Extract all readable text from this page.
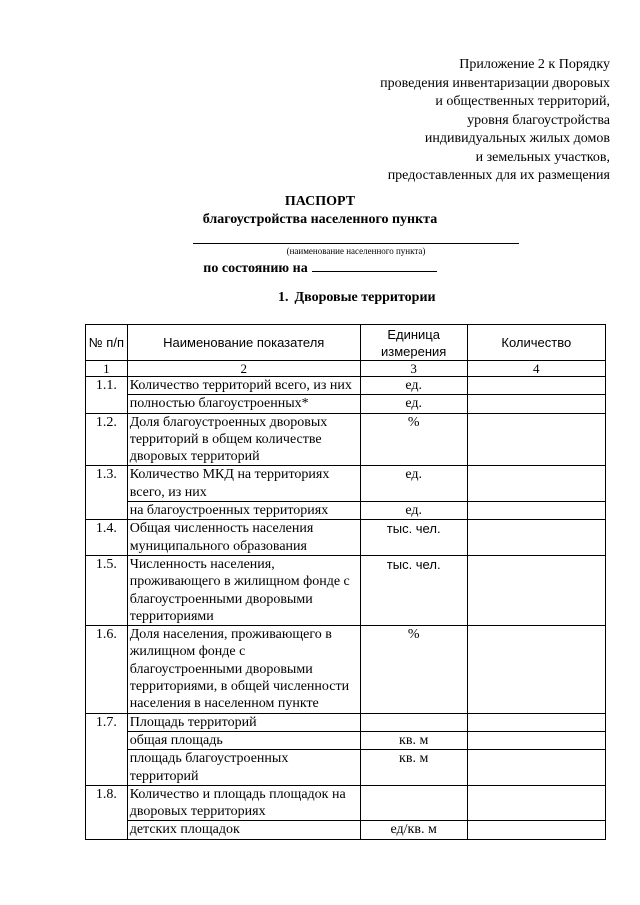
Приложение 2 к Порядку
проведения инвентаризации дворовых
и общественных территорий,
уровня благоустройства
индивидуальных жилых домов
и земельных участков,
предоставленных для их размещения
ПАСПОРТ
благоустройства населенного пункта
(наименование населенного пункта)
по состоянию на
1. Дворовые территории
№ п/п	Наименование показателя	Единица измерения	Количество
1	2	3	4
1.1.	Количество территорий всего, из них	ед.	
	полностью благоустроенных*	ед.	
1.2.	Доля благоустроенных дворовых территорий в общем количестве дворовых территорий	%	
1.3.	Количество МКД на территориях всего, из них	ед.	
	на благоустроенных территориях	ед.	
1.4.	Общая численность населения муниципального образования	тыс. чел.	
1.5.	Численность населения, проживающего в жилищном фонде с благоустроенными дворовыми территориями	тыс. чел.	
1.6.	Доля населения, проживающего в жилищном фонде с благоустроенными дворовыми территориями, в общей численности населения в населенном пункте	%	
1.7.	Площадь территорий		
	общая площадь	кв. м	
	площадь благоустроенных территорий	кв. м	
1.8.	Количество и площадь площадок на дворовых территориях		
	детских площадок	ед/кв. м	
